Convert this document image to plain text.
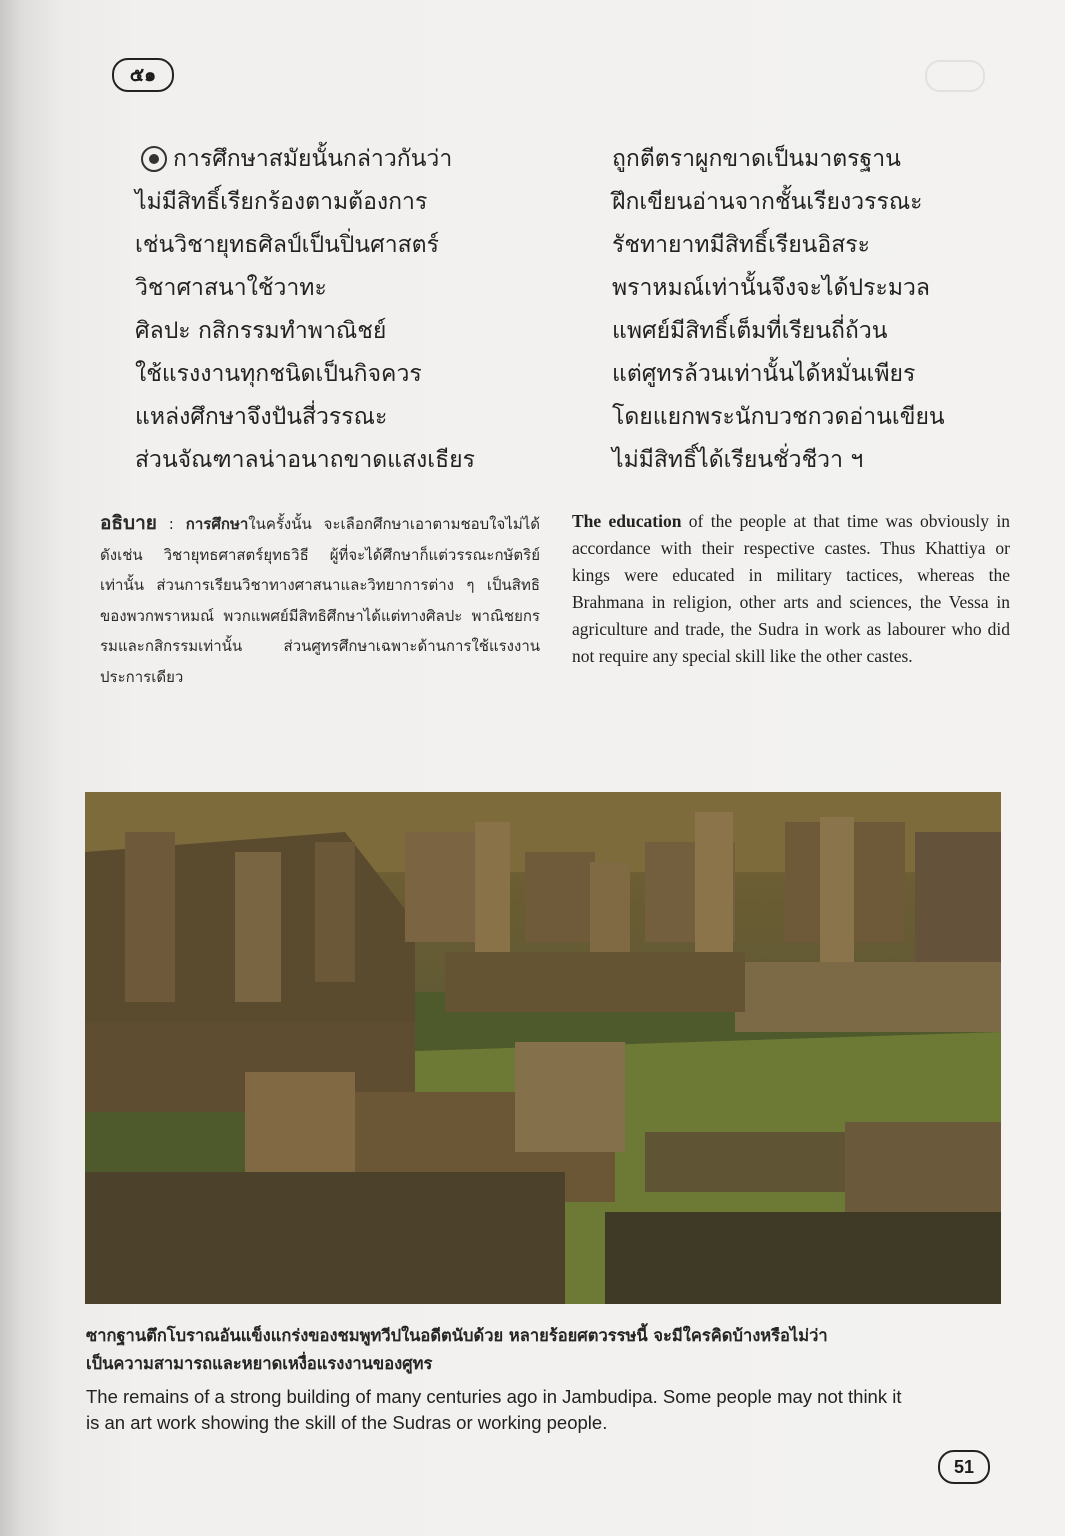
๕๑
การศึกษาสมัยนั้นกล่าวกันว่า
ไม่มีสิทธิ์เรียกร้องตามต้องการ
เช่นวิชายุทธศิลป์เป็นปิ่นศาสตร์
วิชาศาสนาใช้วาทะ
ศิลปะ กสิกรรมทำพาณิชย์
ใช้แรงงานทุกชนิดเป็นกิจควร
แหล่งศึกษาจึงปันสี่วรรณะ
ส่วนจัณฑาลน่าอนาถขาดแสงเธียร
ถูกตีตราผูกขาดเป็นมาตรฐาน
ฝึกเขียนอ่านจากชั้นเรียงวรรณะ
รัชทายาทมีสิทธิ์เรียนอิสระ
พราหมณ์เท่านั้นจึงจะได้ประมวล
แพศย์มีสิทธิ์เต็มที่เรียนถี่ถ้วน
แต่ศูทรล้วนเท่านั้นได้หมั่นเพียร
โดยแยกพระนักบวชกวดอ่านเขียน
ไม่มีสิทธิ์ได้เรียนชั่วชีวา ฯ
อธิบาย : การศึกษาในครั้งนั้น จะเลือกศึกษาเอาตามชอบใจไม่ได้ ดังเช่น วิชายุทธศาสตร์ยุทธวิธี ผู้ที่จะได้ศึกษาก็แต่วรรณะกษัตริย์เท่านั้น ส่วนการเรียนวิชาทางศาสนาและวิทยาการต่าง ๆ เป็นสิทธิของพวกพราหมณ์ พวกแพศย์มีสิทธิศึกษาได้แต่ทางศิลปะ พาณิชยกรรมและกสิกรรมเท่านั้น ส่วนศูทรศึกษาเฉพาะด้านการใช้แรงงานประการเดียว
The education of the people at that time was obviously in accordance with their respective castes. Thus Khattiya or kings were educated in military tactices, whereas the Brahmana in religion, other arts and sciences, the Vessa in agriculture and trade, the Sudra in work as labourer who did not require any special skill like the other castes.
ซากฐานตึกโบราณอันแข็งแกร่งของชมพูทวีปในอดีตนับด้วย หลายร้อยศตวรรษนี้ จะมีใครคิดบ้างหรือไม่ว่า
เป็นความสามารถและหยาดเหงื่อแรงงานของศูทร
The remains of a strong building of many centuries ago in Jambudipa. Some people may not think it
is an art work showing the skill of the Sudras or working people.
51
